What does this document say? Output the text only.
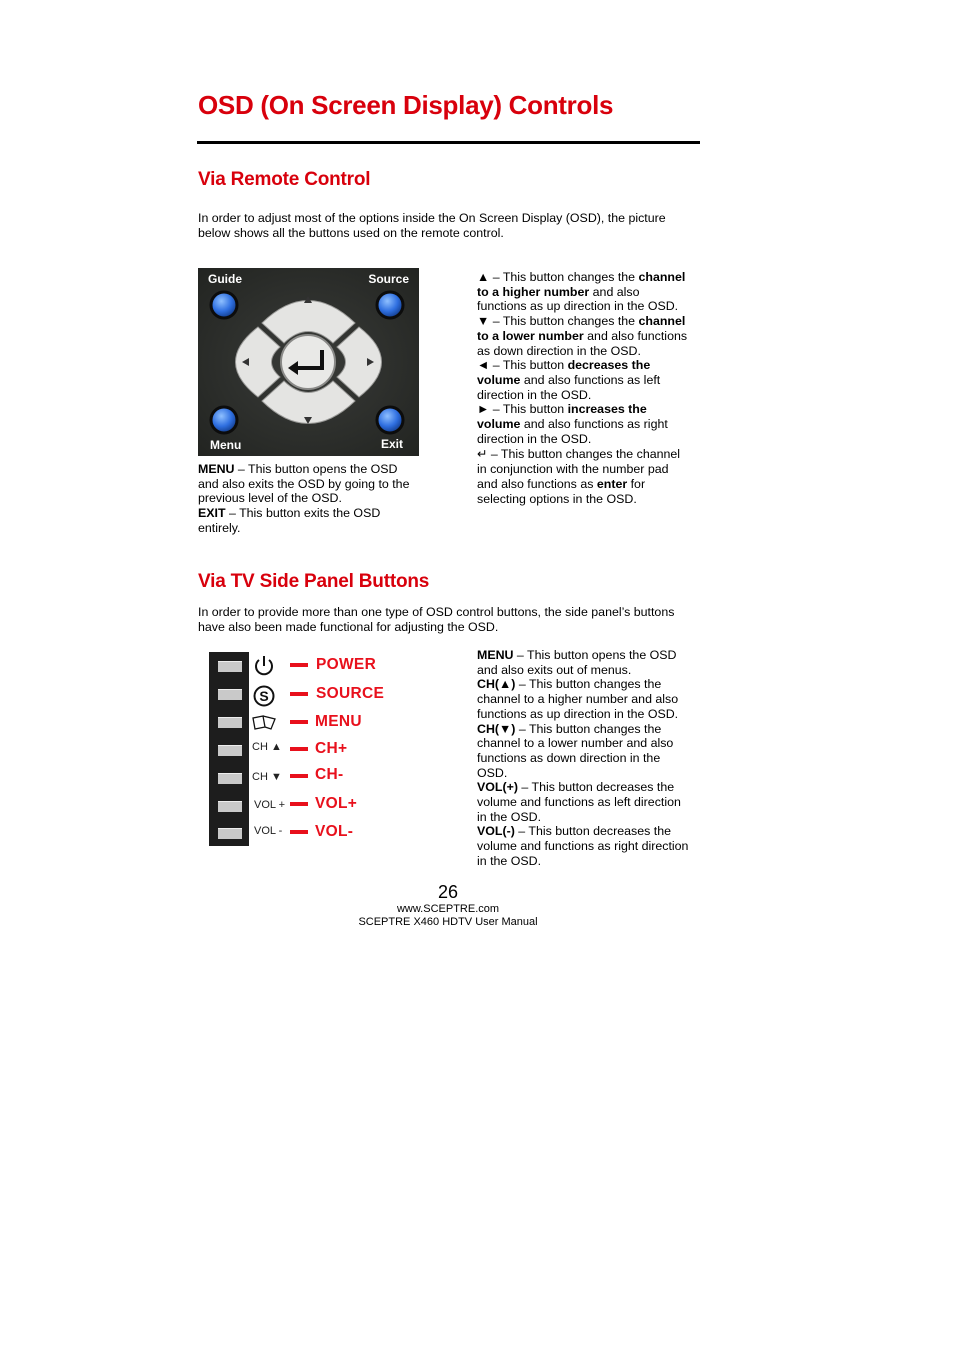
OSD (On Screen Display) Controls
Via Remote Control
In order to adjust most of the options inside the On Screen Display (OSD), the picture
below shows all the buttons used on the remote control.
Guide	Source
Menu	Exit
MENU – This button opens the OSD
and also exits the OSD by going to the
previous level of the OSD.
EXIT – This button exits the OSD
entirely.
▲ – This button changes the channel
to a higher number and also
functions as up direction in the OSD.
▼ – This button changes the channel
to a lower number and also functions
as down direction in the OSD.
◄ – This button decreases the
volume and also functions as left
direction in the OSD.
► – This button increases the
volume and also functions as right
direction in the OSD.
↵ – This button changes the channel
in conjunction with the number pad
and also functions as enter for
selecting options in the OSD.
Via TV Side Panel Buttons
In order to provide more than one type of OSD control buttons, the side panel’s buttons
have also been made functional for adjusting the OSD.
S
CH ▲
CH ▼
VOL +
VOL -
POWER
SOURCE
MENU
CH+
CH-
VOL+
VOL-
MENU – This button opens the OSD
and also exits out of menus.
CH(▲) – This button changes the
channel to a higher number and also
functions as up direction in the OSD.
CH(▼) – This button changes the
channel to a lower number and also
functions as down direction in the
OSD.
VOL(+) – This button decreases the
volume and functions as left direction
in the OSD.
VOL(-) – This button decreases the
volume and functions as right direction
in the OSD.
26
www.SCEPTRE.com
SCEPTRE X460 HDTV User Manual
